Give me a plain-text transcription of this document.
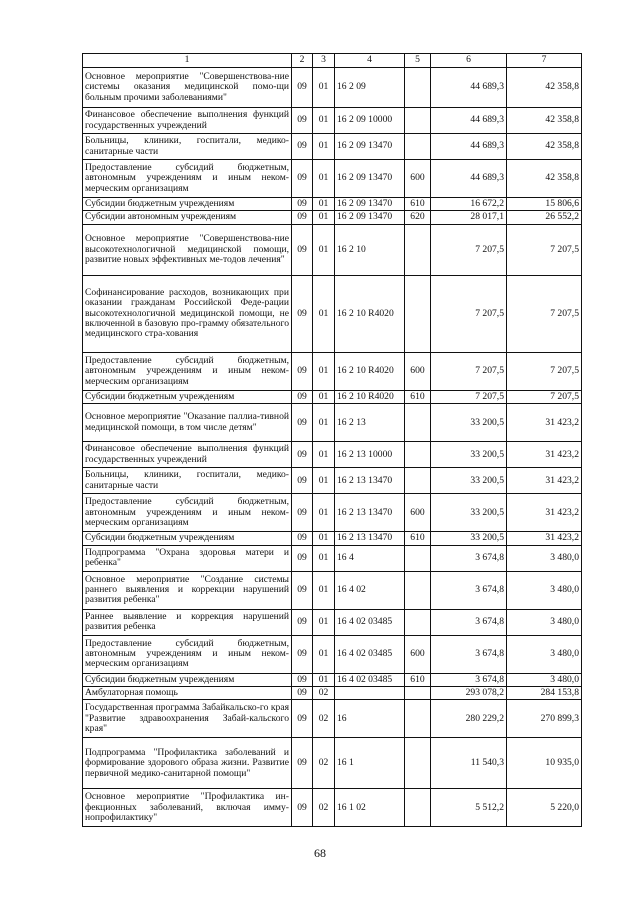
1	2	3	4	5	6	7
Основное мероприятие "Совершенствова-ние системы оказания медицинской помо-щи больным прочими заболеваниями"	09	01	16 2 09		44 689,3	42 358,8
Финансовое обеспечение выполнения функций государственных учреждений	09	01	16 2 09 10000		44 689,3	42 358,8
Больницы, клиники, госпитали, медико-санитарные части	09	01	16 2 09 13470		44 689,3	42 358,8
Предоставление субсидий бюджетным, автономным учреждениям и иным неком-мерческим организациям	09	01	16 2 09 13470	600	44 689,3	42 358,8
Субсидии бюджетным учреждениям	09	01	16 2 09 13470	610	16 672,2	15 806,6
Субсидии автономным учреждениям	09	01	16 2 09 13470	620	28 017,1	26 552,2
Основное мероприятие "Совершенствова-ние высокотехнологичной медицинской помощи, развитие новых эффективных ме-тодов лечения"	09	01	16 2 10		7 207,5	7 207,5
Софинансирование расходов, возникающих при оказании гражданам Российской Феде-рации высокотехнологичной медицинской помощи, не включенной в базовую про-грамму обязательного медицинского стра-хования	09	01	16 2 10 R4020		7 207,5	7 207,5
Предоставление субсидий бюджетным, автономным учреждениям и иным неком-мерческим организациям	09	01	16 2 10 R4020	600	7 207,5	7 207,5
Субсидии бюджетным учреждениям	09	01	16 2 10 R4020	610	7 207,5	7 207,5
Основное мероприятие "Оказание паллиа-тивной медицинской помощи, в том числе детям"	09	01	16 2 13		33 200,5	31 423,2
Финансовое обеспечение выполнения функций государственных учреждений	09	01	16 2 13 10000		33 200,5	31 423,2
Больницы, клиники, госпитали, медико-санитарные части	09	01	16 2 13 13470		33 200,5	31 423,2
Предоставление субсидий бюджетным, автономным учреждениям и иным неком-мерческим организациям	09	01	16 2 13 13470	600	33 200,5	31 423,2
Субсидии бюджетным учреждениям	09	01	16 2 13 13470	610	33 200,5	31 423,2
Подпрограмма "Охрана здоровья матери и ребенка"	09	01	16 4		3 674,8	3 480,0
Основное мероприятие "Создание системы раннего выявления и коррекции нарушений развития ребенка"	09	01	16 4 02		3 674,8	3 480,0
Раннее выявление и коррекция нарушений развития ребенка	09	01	16 4 02 03485		3 674,8	3 480,0
Предоставление субсидий бюджетным, автономным учреждениям и иным неком-мерческим организациям	09	01	16 4 02 03485	600	3 674,8	3 480,0
Субсидии бюджетным учреждениям	09	01	16 4 02 03485	610	3 674,8	3 480,0
Амбулаторная помощь	09	02			293 078,2	284 153,8
Государственная программа Забайкальско-го края "Развитие здравоохранения Забай-кальского края"	09	02	16		280 229,2	270 899,3
Подпрограмма "Профилактика заболеваний и формирование здорового образа жизни. Развитие первичной медико-санитарной помощи"	09	02	16 1		11 540,3	10 935,0
Основное мероприятие "Профилактика ин-фекционных заболеваний, включая имму-нопрофилактику"	09	02	16 1 02		5 512,2	5 220,0
68
